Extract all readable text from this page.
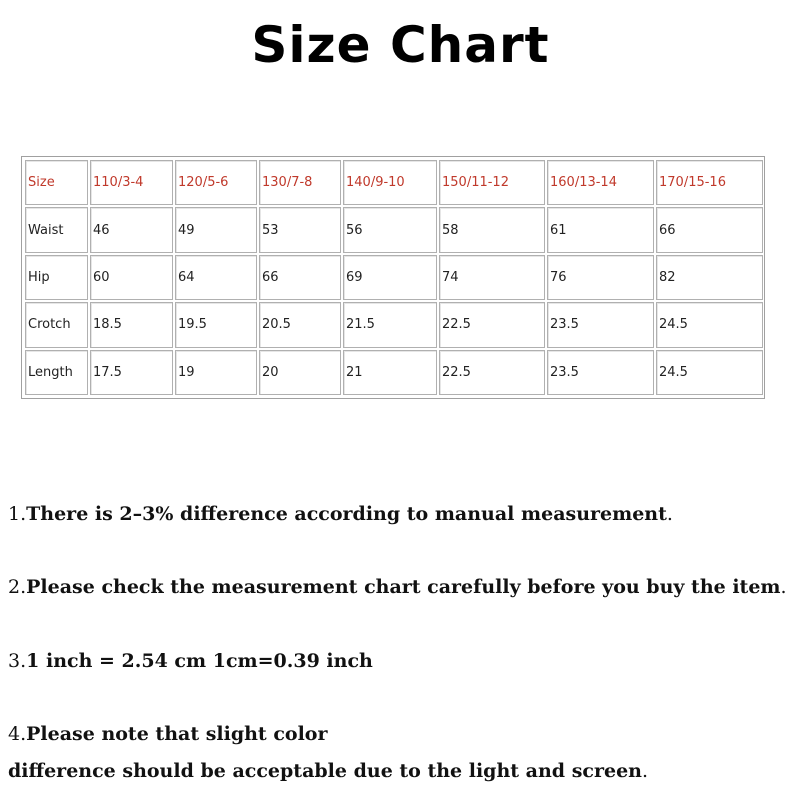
Size Chart
Size	110/3-4	120/5-6	130/7-8	140/9-10	150/11-12	160/13-14	170/15-16
Waist	46	49	53	56	58	61	66
Hip	60	64	66	69	74	76	82
Crotch	18.5	19.5	20.5	21.5	22.5	23.5	24.5
Length	17.5	19	20	21	22.5	23.5	24.5
1.There is 2–3% difference according to manual measurement.
2.Please check the measurement chart carefully before you buy the item.
3.1 inch = 2.54 cm 1cm=0.39 inch
4.Please note that slight color
difference should be acceptable due to the light and screen.
